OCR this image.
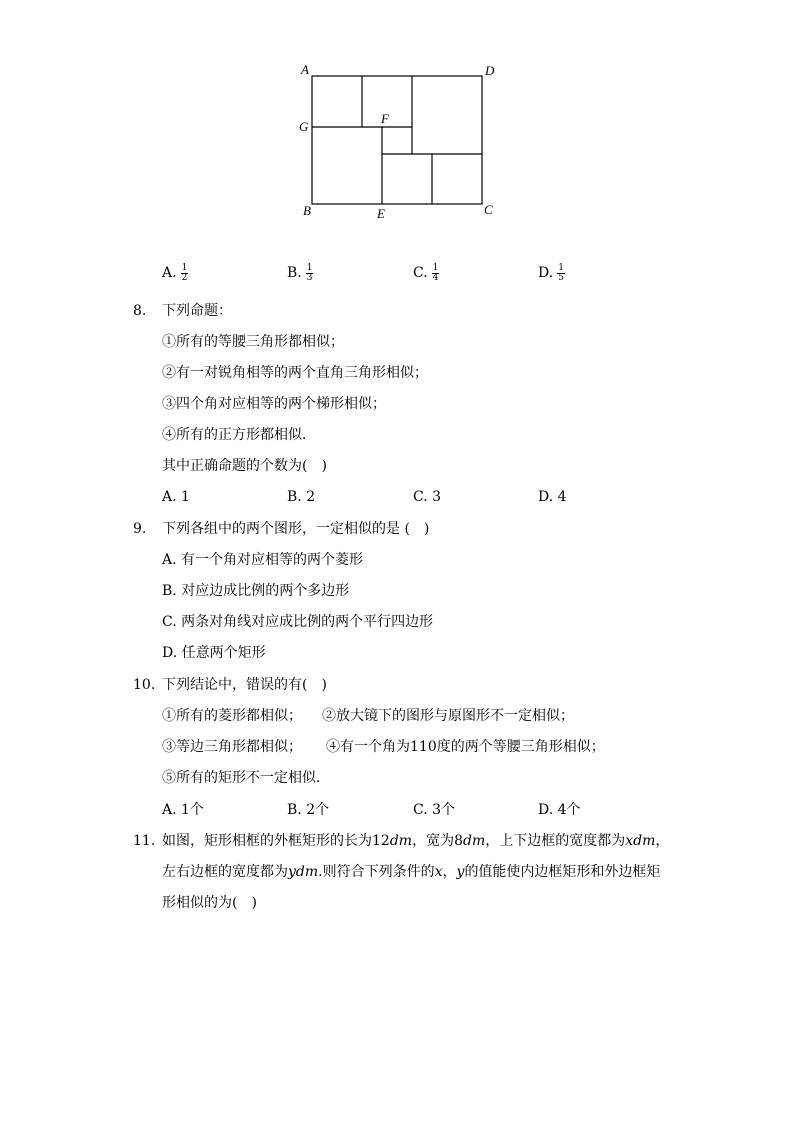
A	D
G
F
B	E	C
A. $\frac{1}{2}$	B. $\frac{1}{3}$	C. $\frac{1}{4}$	D. $\frac{1}{5}$
8. 下列命题：
①所有的等腰三角形都相似；
②有一对锐角相等的两个直角三角形相似；
③四个角对应相等的两个梯形相似；
④所有的正方形都相似．
其中正确命题的个数为(　)
A. 1	B. 2	C. 3	D. 4
9. 下列各组中的两个图形，一定相似的是 (　)
A. 有一个角对应相等的两个菱形
B. 对应边成比例的两个多边形
C. 两条对角线对应成比例的两个平行四边形
D. 任意两个矩形
10. 下列结论中，错误的有(　)
①所有的菱形都相似； ②放大镜下的图形与原图形不一定相似；
③等边三角形都相似； ④有一个角为110度的两个等腰三角形相似；
⑤所有的矩形不一定相似．
A. 1个	B. 2个	C. 3个	D. 4个
11. 如图，矩形相框的外框矩形的长为12dm，宽为8dm，上下边框的宽度都为xdm，
左右边框的宽度都为ydm.则符合下列条件的x，y的值能使内边框矩形和外边框矩
形相似的为(　)
